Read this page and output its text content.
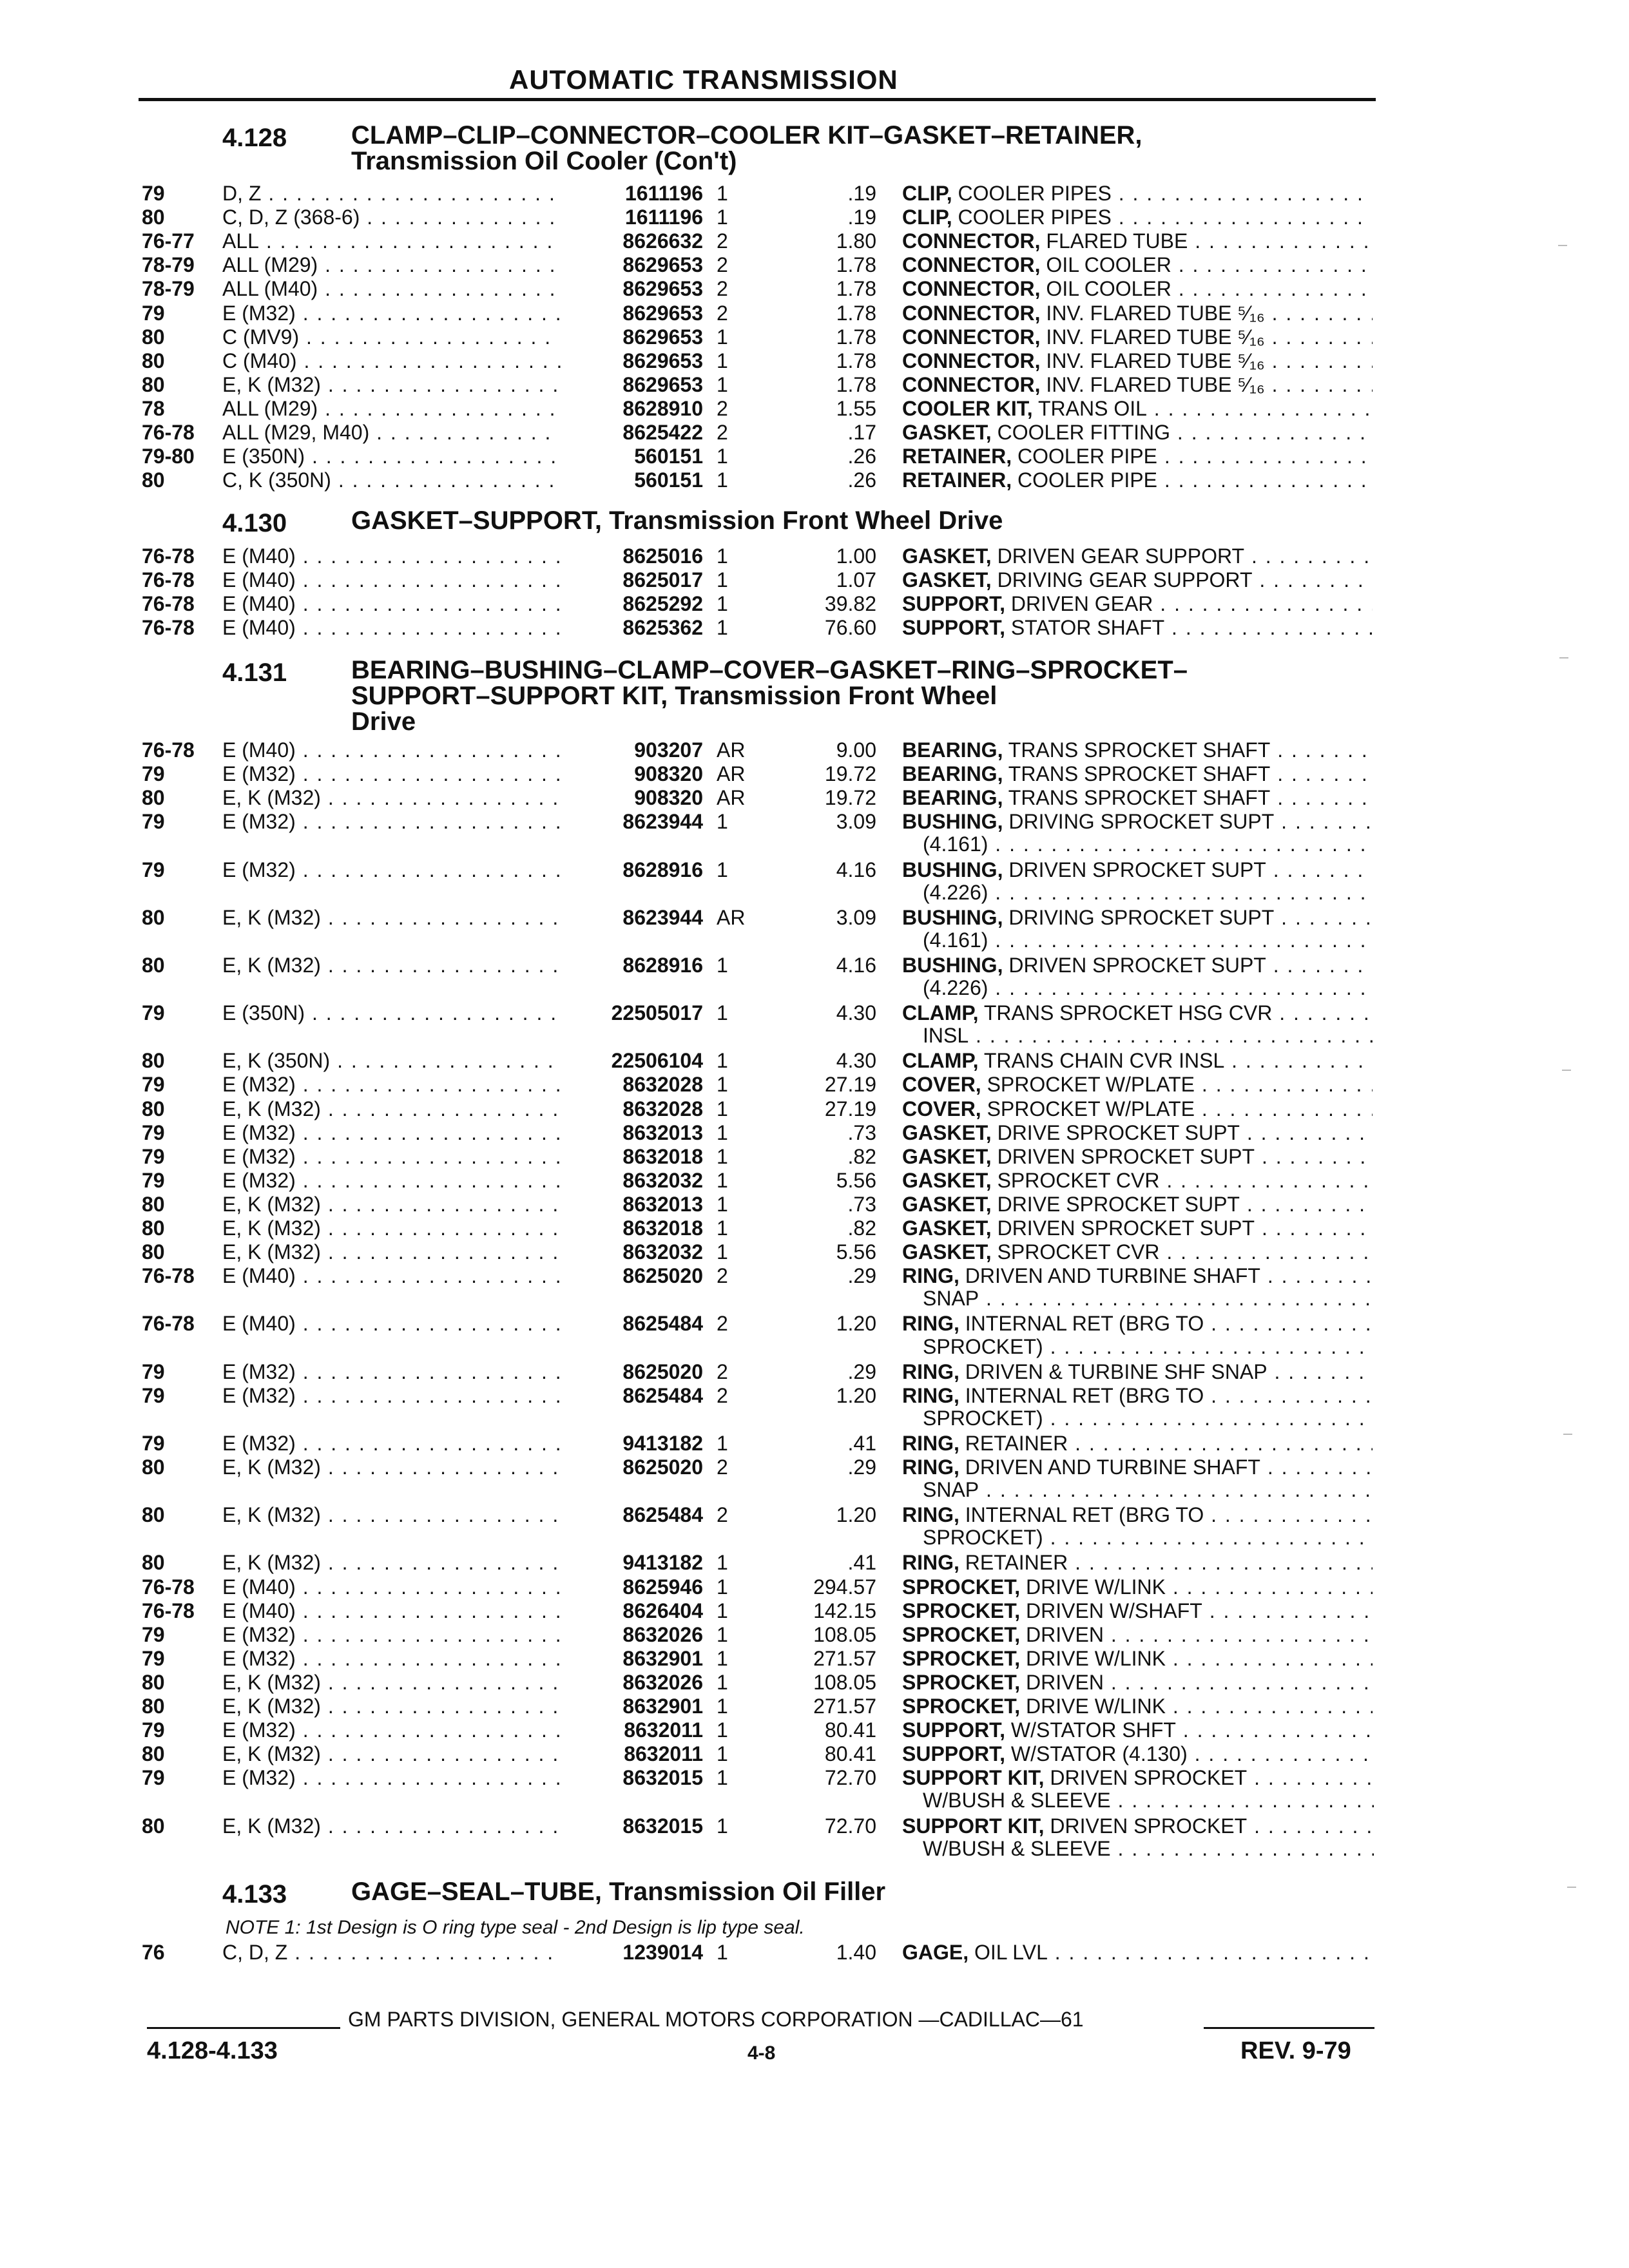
AUTOMATIC TRANSMISSION
4.128 CLAMP–CLIP–CONNECTOR–COOLER KIT–GASKET–RETAINER,
Transmission Oil Cooler (Con't)
79	D, Z . . .	1611196 1	.19 CLIP, COOLER PIPES . . .
80	C, D, Z (368-6) . . .	1611196 1	.19 CLIP, COOLER PIPES . . .
76-77	ALL . . .	8626632 2	1.80 CONNECTOR, FLARED TUBE . . .
78-79	ALL (M29) . . .	8629653 2	1.78 CONNECTOR, OIL COOLER . . .
78-79	ALL (M40) . . .	8629653 2	1.78 CONNECTOR, OIL COOLER . . .
79	E (M32) . . .	8629653 2	1.78 CONNECTOR, INV. FLARED TUBE ⁵⁄₁₆ . . .
80	C (MV9) . . .	8629653 1	1.78 CONNECTOR, INV. FLARED TUBE ⁵⁄₁₆ . . .
80	C (M40) . . .	8629653 1	1.78 CONNECTOR, INV. FLARED TUBE ⁵⁄₁₆ . . .
80	E, K (M32) . . .	8629653 1	1.78 CONNECTOR, INV. FLARED TUBE ⁵⁄₁₆ . . .
78	ALL (M29) . . .	8628910 2	1.55 COOLER KIT, TRANS OIL . . .
76-78	ALL (M29, M40) . . .	8625422 2	.17 GASKET, COOLER FITTING . . .
79-80	E (350N) . . .	560151 1	.26 RETAINER, COOLER PIPE . . .
80	C, K (350N) . . .	560151 1	.26 RETAINER, COOLER PIPE . . .
4.130 GASKET–SUPPORT, Transmission Front Wheel Drive
76-78	E (M40) . . .	8625016 1	1.00 GASKET, DRIVEN GEAR SUPPORT . . .
76-78	E (M40) . . .	8625017 1	1.07 GASKET, DRIVING GEAR SUPPORT . . .
76-78	E (M40) . . .	8625292 1	39.82 SUPPORT, DRIVEN GEAR . . .
76-78	E (M40) . . .	8625362 1	76.60 SUPPORT, STATOR SHAFT . . .
4.131 BEARING–BUSHING–CLAMP–COVER–GASKET–RING–SPROCKET–
SUPPORT–SUPPORT KIT, Transmission Front Wheel
Drive
76-78	E (M40) . . .	903207 AR	9.00 BEARING, TRANS SPROCKET SHAFT . . .
79	E (M32) . . .	908320 AR	19.72 BEARING, TRANS SPROCKET SHAFT . . .
80	E, K (M32) . . .	908320 AR	19.72 BEARING, TRANS SPROCKET SHAFT . . .
79	E (M32) . . .	8623944 1	3.09 BUSHING, DRIVING SPROCKET SUPT . . .
(4.161) . . .
79	E (M32) . . .	8628916 1	4.16 BUSHING, DRIVEN SPROCKET SUPT . . .
(4.226) . . .
80	E, K (M32) . . .	8623944 AR	3.09 BUSHING, DRIVING SPROCKET SUPT . . .
(4.161) . . .
80	E, K (M32) . . .	8628916 1	4.16 BUSHING, DRIVEN SPROCKET SUPT . . .
(4.226) . . .
79	E (350N) . . .	22505017 1	4.30 CLAMP, TRANS SPROCKET HSG CVR . . .
INSL . . .
80	E, K (350N) . . .	22506104 1	4.30 CLAMP, TRANS CHAIN CVR INSL . . .
79	E (M32) . . .	8632028 1	27.19 COVER, SPROCKET W/PLATE . . .
80	E, K (M32) . . .	8632028 1	27.19 COVER, SPROCKET W/PLATE . . .
79	E (M32) . . .	8632013 1	.73 GASKET, DRIVE SPROCKET SUPT . . .
79	E (M32) . . .	8632018 1	.82 GASKET, DRIVEN SPROCKET SUPT . . .
79	E (M32) . . .	8632032 1	5.56 GASKET, SPROCKET CVR . . .
80	E, K (M32) . . .	8632013 1	.73 GASKET, DRIVE SPROCKET SUPT . . .
80	E, K (M32) . . .	8632018 1	.82 GASKET, DRIVEN SPROCKET SUPT . . .
80	E, K (M32) . . .	8632032 1	5.56 GASKET, SPROCKET CVR . . .
76-78	E (M40) . . .	8625020 2	.29 RING, DRIVEN AND TURBINE SHAFT . . .
SNAP . . .
76-78	E (M40) . . .	8625484 2	1.20 RING, INTERNAL RET (BRG TO . . .
SPROCKET) . . .
79	E (M32) . . .	8625020 2	.29 RING, DRIVEN & TURBINE SHF SNAP . . .
79	E (M32) . . .	8625484 2	1.20 RING, INTERNAL RET (BRG TO . . .
SPROCKET) . . .
79	E (M32) . . .	9413182 1	.41 RING, RETAINER . . .
80	E, K (M32) . . .	8625020 2	.29 RING, DRIVEN AND TURBINE SHAFT . . .
SNAP . . .
80	E, K (M32) . . .	8625484 2	1.20 RING, INTERNAL RET (BRG TO . . .
SPROCKET) . . .
80	E, K (M32) . . .	9413182 1	.41 RING, RETAINER . . .
76-78	E (M40) . . .	8625946 1	294.57 SPROCKET, DRIVE W/LINK . . .
76-78	E (M40) . . .	8626404 1	142.15 SPROCKET, DRIVEN W/SHAFT . . .
79	E (M32) . . .	8632026 1	108.05 SPROCKET, DRIVEN . . .
79	E (M32) . . .	8632901 1	271.57 SPROCKET, DRIVE W/LINK . . .
80	E, K (M32) . . .	8632026 1	108.05 SPROCKET, DRIVEN . . .
80	E, K (M32) . . .	8632901 1	271.57 SPROCKET, DRIVE W/LINK . . .
79	E (M32) . . .	8632011 1	80.41 SUPPORT, W/STATOR SHFT . . .
80	E, K (M32) . . .	8632011 1	80.41 SUPPORT, W/STATOR (4.130) . . .
79	E (M32) . . .	8632015 1	72.70 SUPPORT KIT, DRIVEN SPROCKET . . .
W/BUSH & SLEEVE . . .
80	E, K (M32) . . .	8632015 1	72.70 SUPPORT KIT, DRIVEN SPROCKET . . .
W/BUSH & SLEEVE . . .
4.133 GAGE–SEAL–TUBE, Transmission Oil Filler
NOTE 1: 1st Design is O ring type seal - 2nd Design is lip type seal.
76	C, D, Z . . .	1239014 1	1.40 GAGE, OIL LVL . . .
GM PARTS DIVISION, GENERAL MOTORS CORPORATION —CADILLAC—61
4.128-4.133	4-8	REV. 9-79
